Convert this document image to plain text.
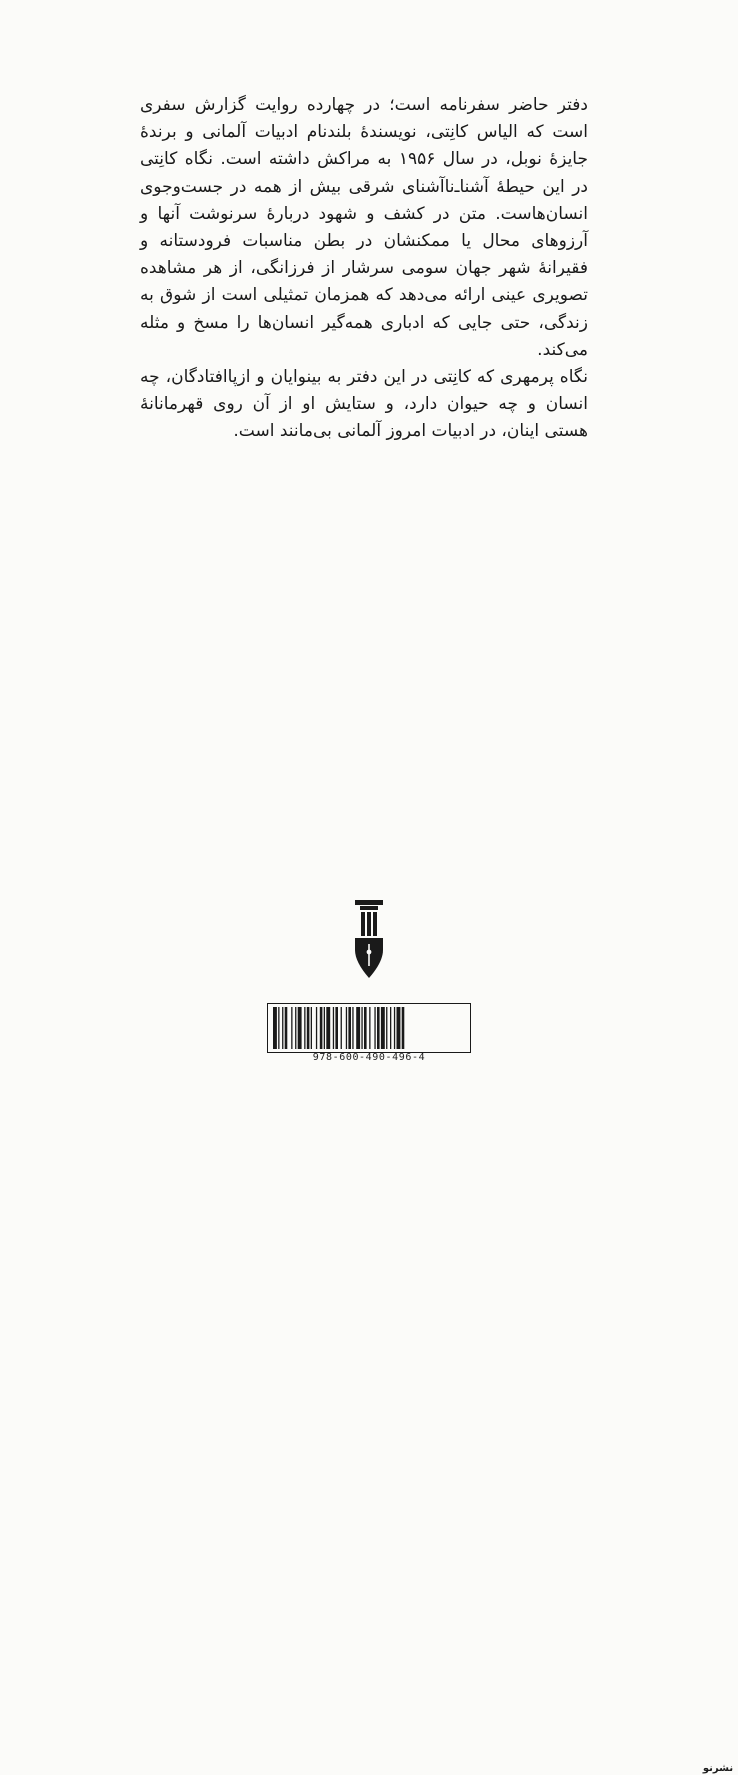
دفتر حاضر سفرنامه است؛ در چهارده روایت گزارش سفری است که الیاس کانِتی، نویسندهٔ بلندنام ادبیات آلمانی و برندهٔ جایزهٔ نوبل، در سال ۱۹۵۶ به مراکش داشته است. نگاه کانِتی در این حیطهٔ آشنا‌ـ‌ناآشنای شرقی بیش‌ از همه در جست‌وجوی انسان‌هاست. متن در کشف و شهود دربارهٔ سرنوشت آنها و آرزوهای محال یا ممکنشان در بطن مناسبات فرودستانه و فقیرانهٔ شهر جهان سومی سرشار از فرزانگی، از هر مشاهده تصویری عینی ارائه می‌دهد که همزمان تمثیلی است از شوق به زندگی، حتی جایی که ادباری همه‌گیر انسان‌ها را مسخ و مثله می‌کند.

نگاه پرمهری که کانِتی در این دفتر به بینوایان و ازپاافتادگان، چه انسان و چه حیوان دارد، و ستایش او از آن روی قهرمانانهٔ هستی اینان، در ادبیات امروز آلمانی بی‌مانند است.

نشرنو
978-600-490-496-4
